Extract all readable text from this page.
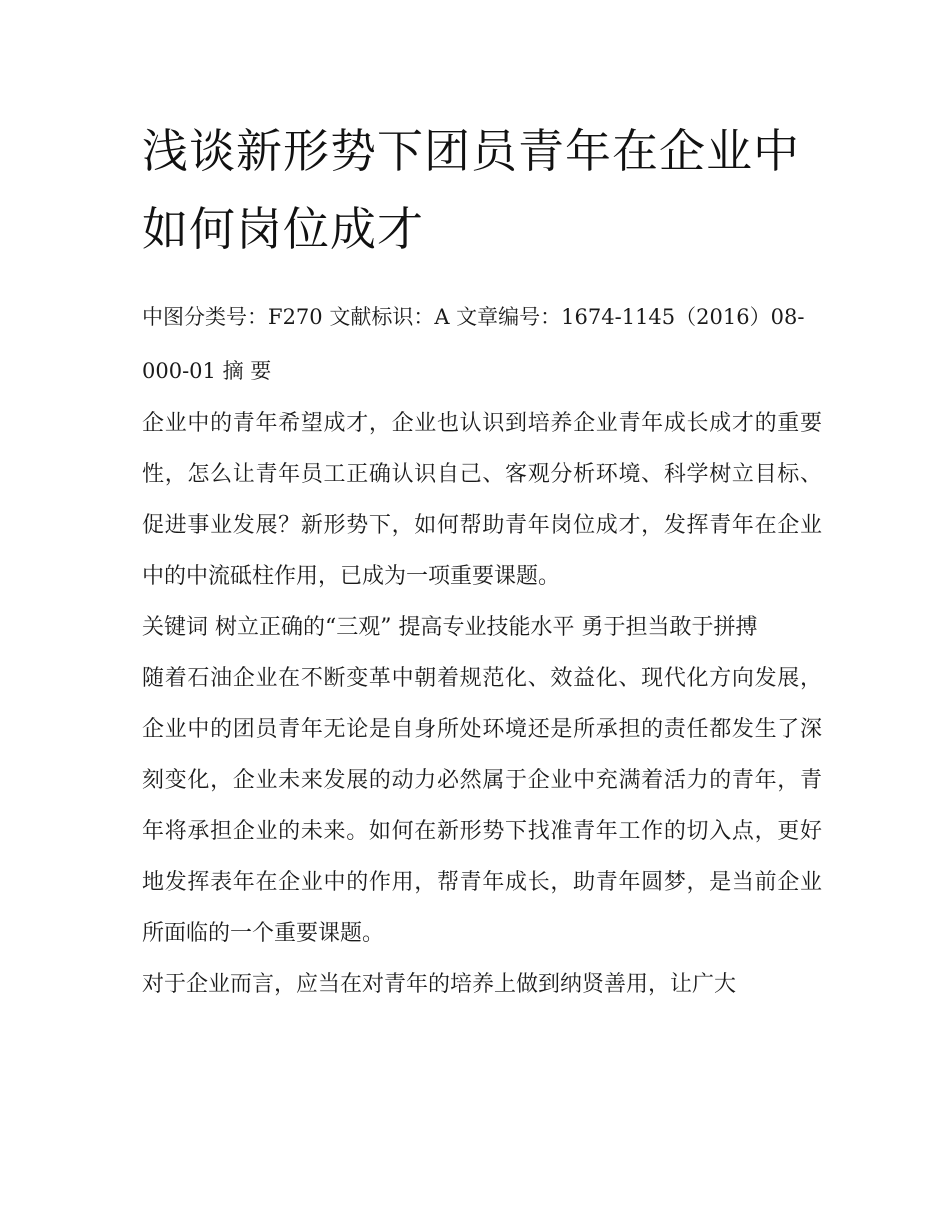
浅谈新形势下团员青年在企业中如何岗位成才

中图分类号：F270 文献标识：A 文章编号：1674-1145（2016）08-000-01 摘 要

企业中的青年希望成才，企业也认识到培养企业青年成长成才的重要性，怎么让青年员工正确认识自己、客观分析环境、科学树立目标、促进事业发展？新形势下，如何帮助青年岗位成才，发挥青年在企业中的中流砥柱作用，已成为一项重要课题。

关键词 树立正确的“三观” 提高专业技能水平 勇于担当敢于拼搏

随着石油企业在不断变革中朝着规范化、效益化、现代化方向发展，企业中的团员青年无论是自身所处环境还是所承担的责任都发生了深刻变化，企业未来发展的动力必然属于企业中充满着活力的青年，青年将承担企业的未来。如何在新形势下找准青年工作的切入点，更好地发挥表年在企业中的作用，帮青年成长，助青年圆梦，是当前企业所面临的一个重要课题。

对于企业而言，应当在对青年的培养上做到纳贤善用，让广大
